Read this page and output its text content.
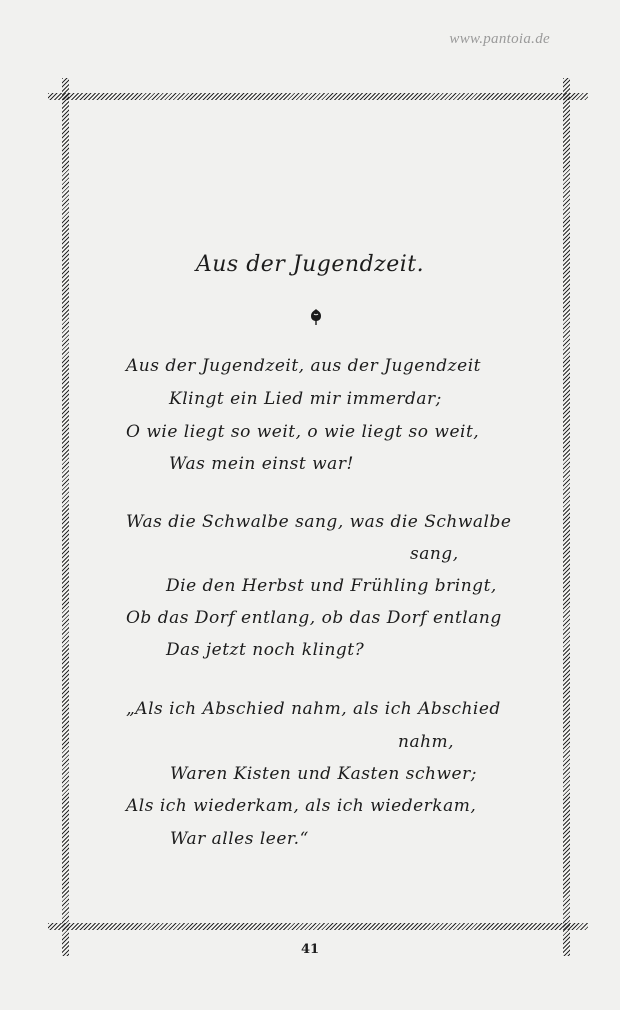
www.pantoia.de
Aus der Jugendzeit.
Aus der Jugendzeit, aus der Jugendzeit
Klingt ein Lied mir immerdar;
O wie liegt so weit, o wie liegt so weit,
Was mein einst war!
Was die Schwalbe sang, was die Schwalbe
sang,
Die den Herbst und Frühling bringt,
Ob das Dorf entlang, ob das Dorf entlang
Das jetzt noch klingt?
„Als ich Abschied nahm, als ich Abschied
nahm,
Waren Kisten und Kasten schwer;
Als ich wiederkam, als ich wiederkam,
War alles leer.“
41
